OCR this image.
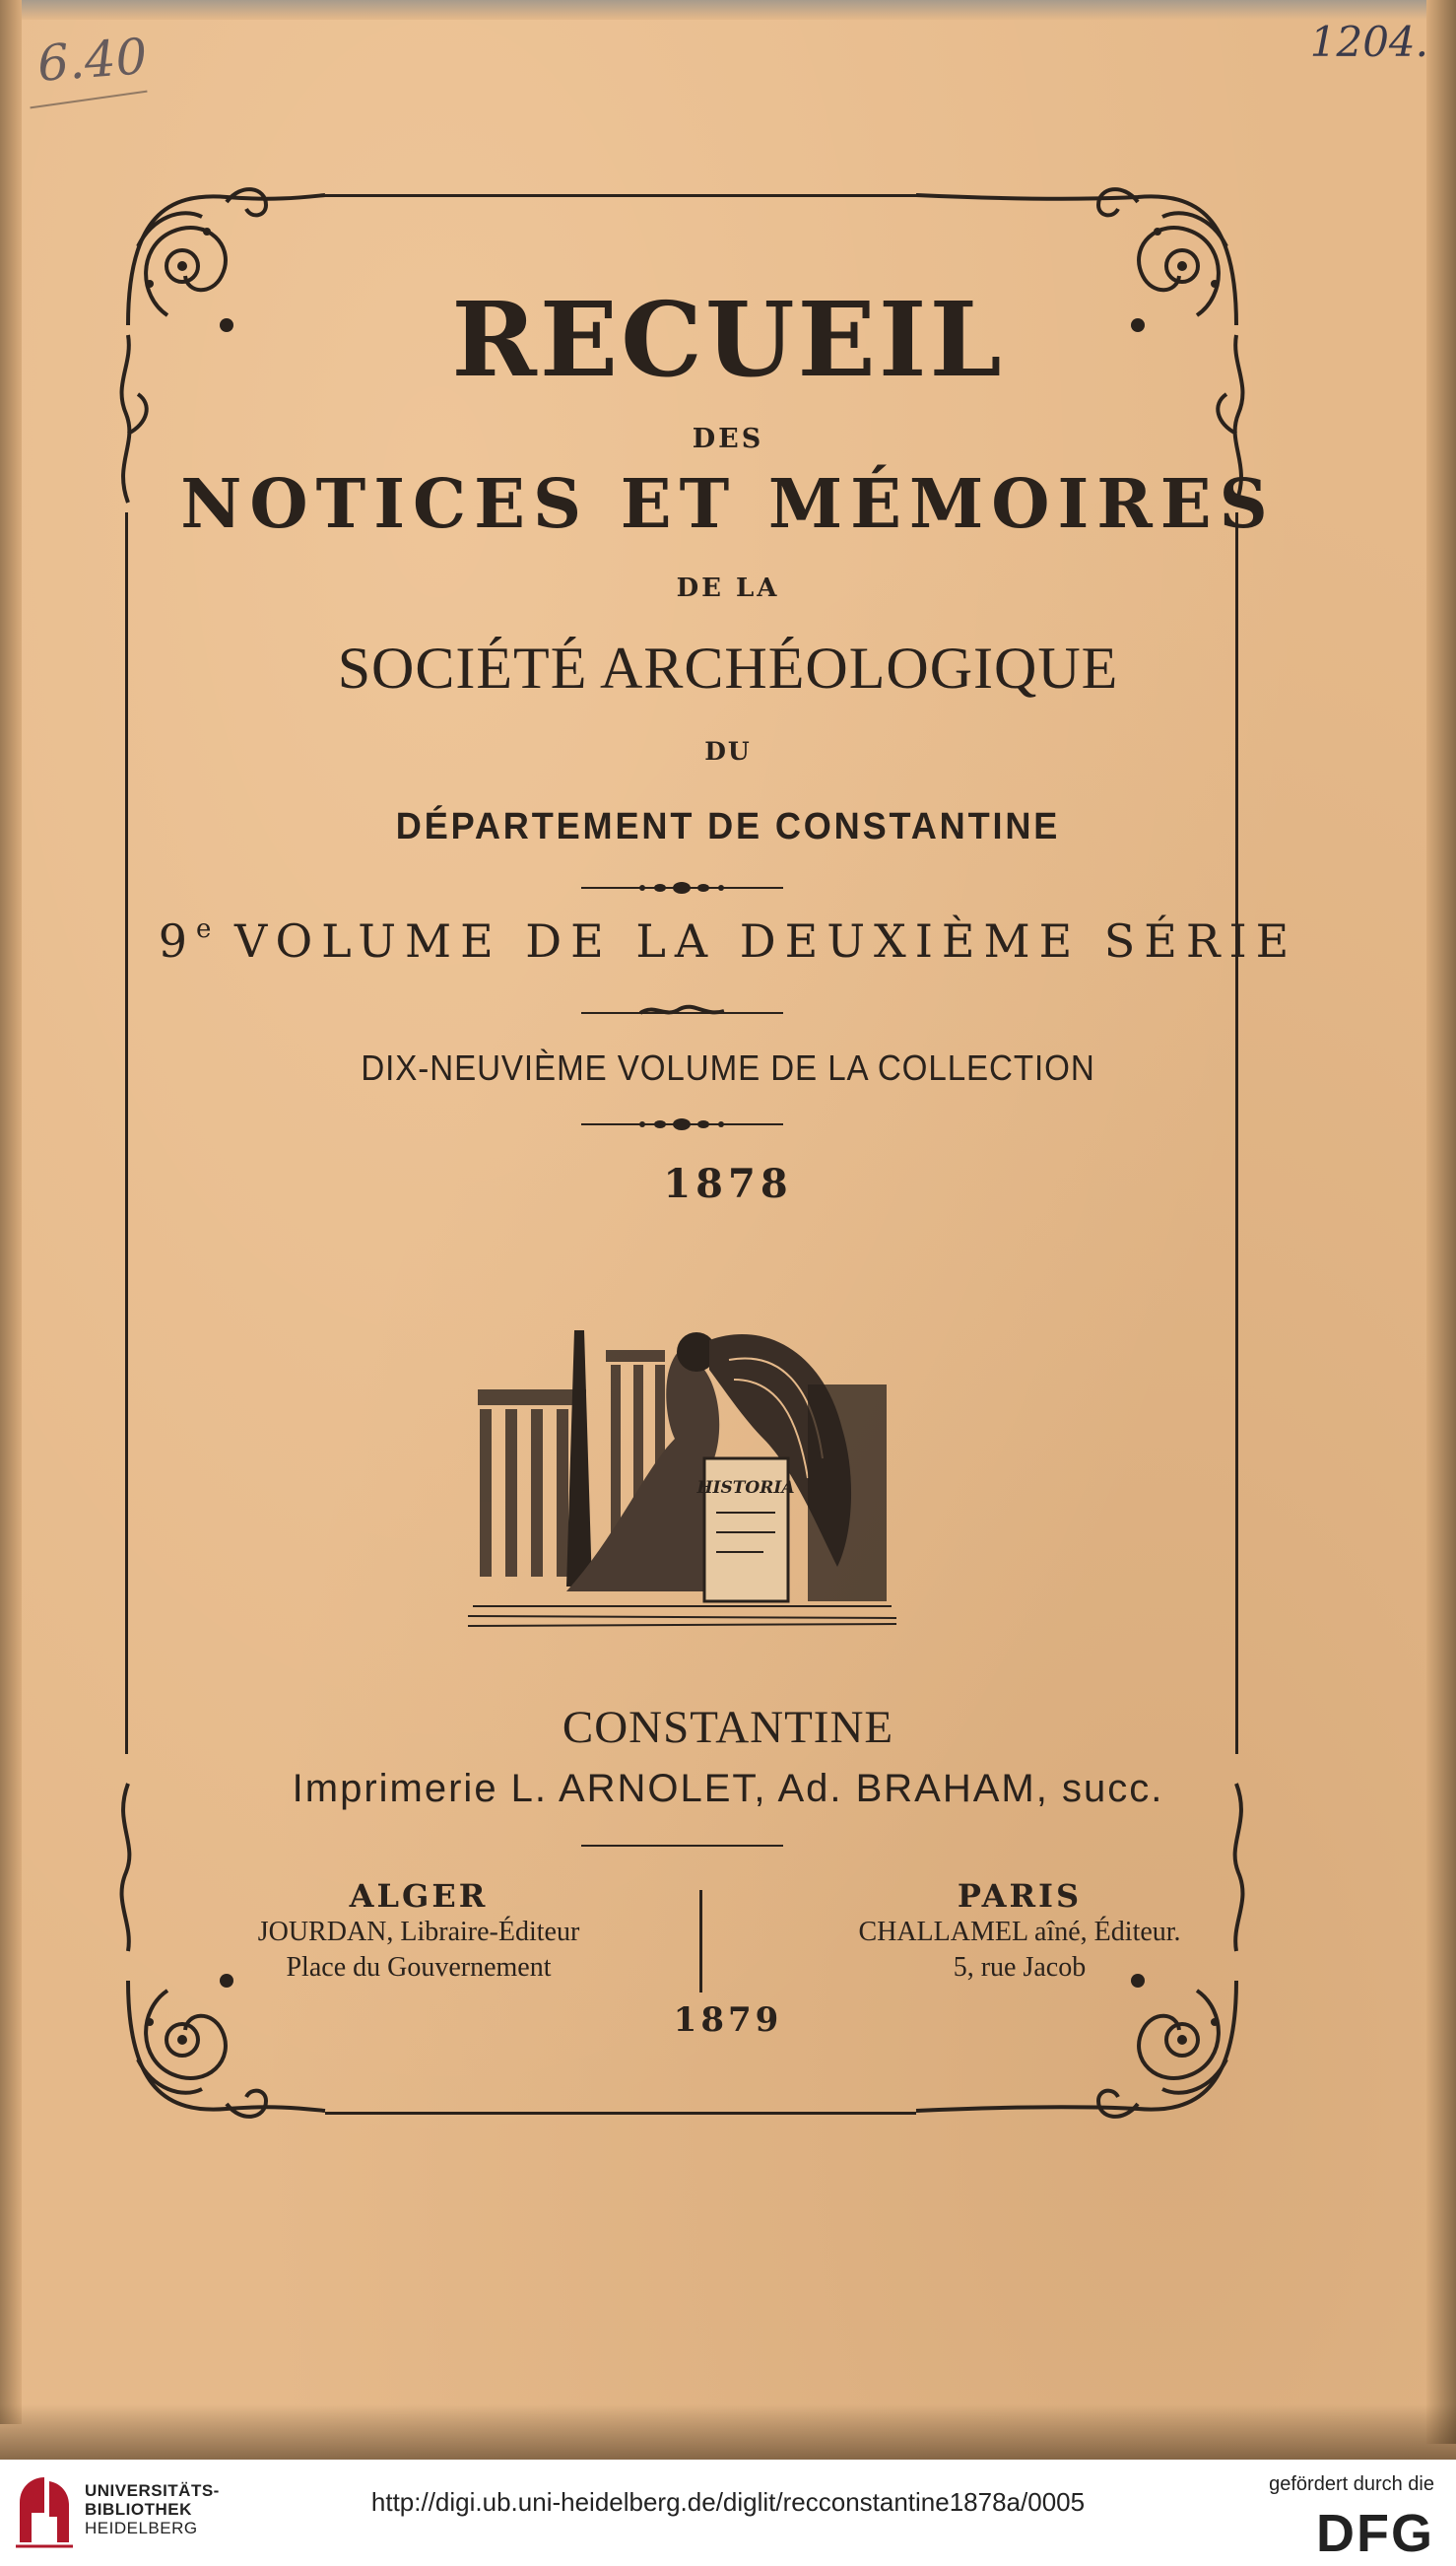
6.40	1204.
RECUEIL
DES
NOTICES ET MÉMOIRES
DE LA
SOCIÉTÉ ARCHÉOLOGIQUE
DU
DÉPARTEMENT DE CONSTANTINE
9e VOLUME DE LA DEUXIÈME SÉRIE
DIX-NEUVIÈME VOLUME DE LA COLLECTION
1878
HISTORIA
CONSTANTINE
Imprimerie L. ARNOLET, Ad. BRAHAM, succ.
ALGER
JOURDAN, Libraire-Éditeur
Place du Gouvernement
PARIS
CHALLAMEL aîné, Éditeur.
5, rue Jacob
1879
UNIVERSITÄTS-
BIBLIOTHEK
HEIDELBERG
http://digi.ub.uni-heidelberg.de/diglit/recconstantine1878a/0005
gefördert durch die
DFG
